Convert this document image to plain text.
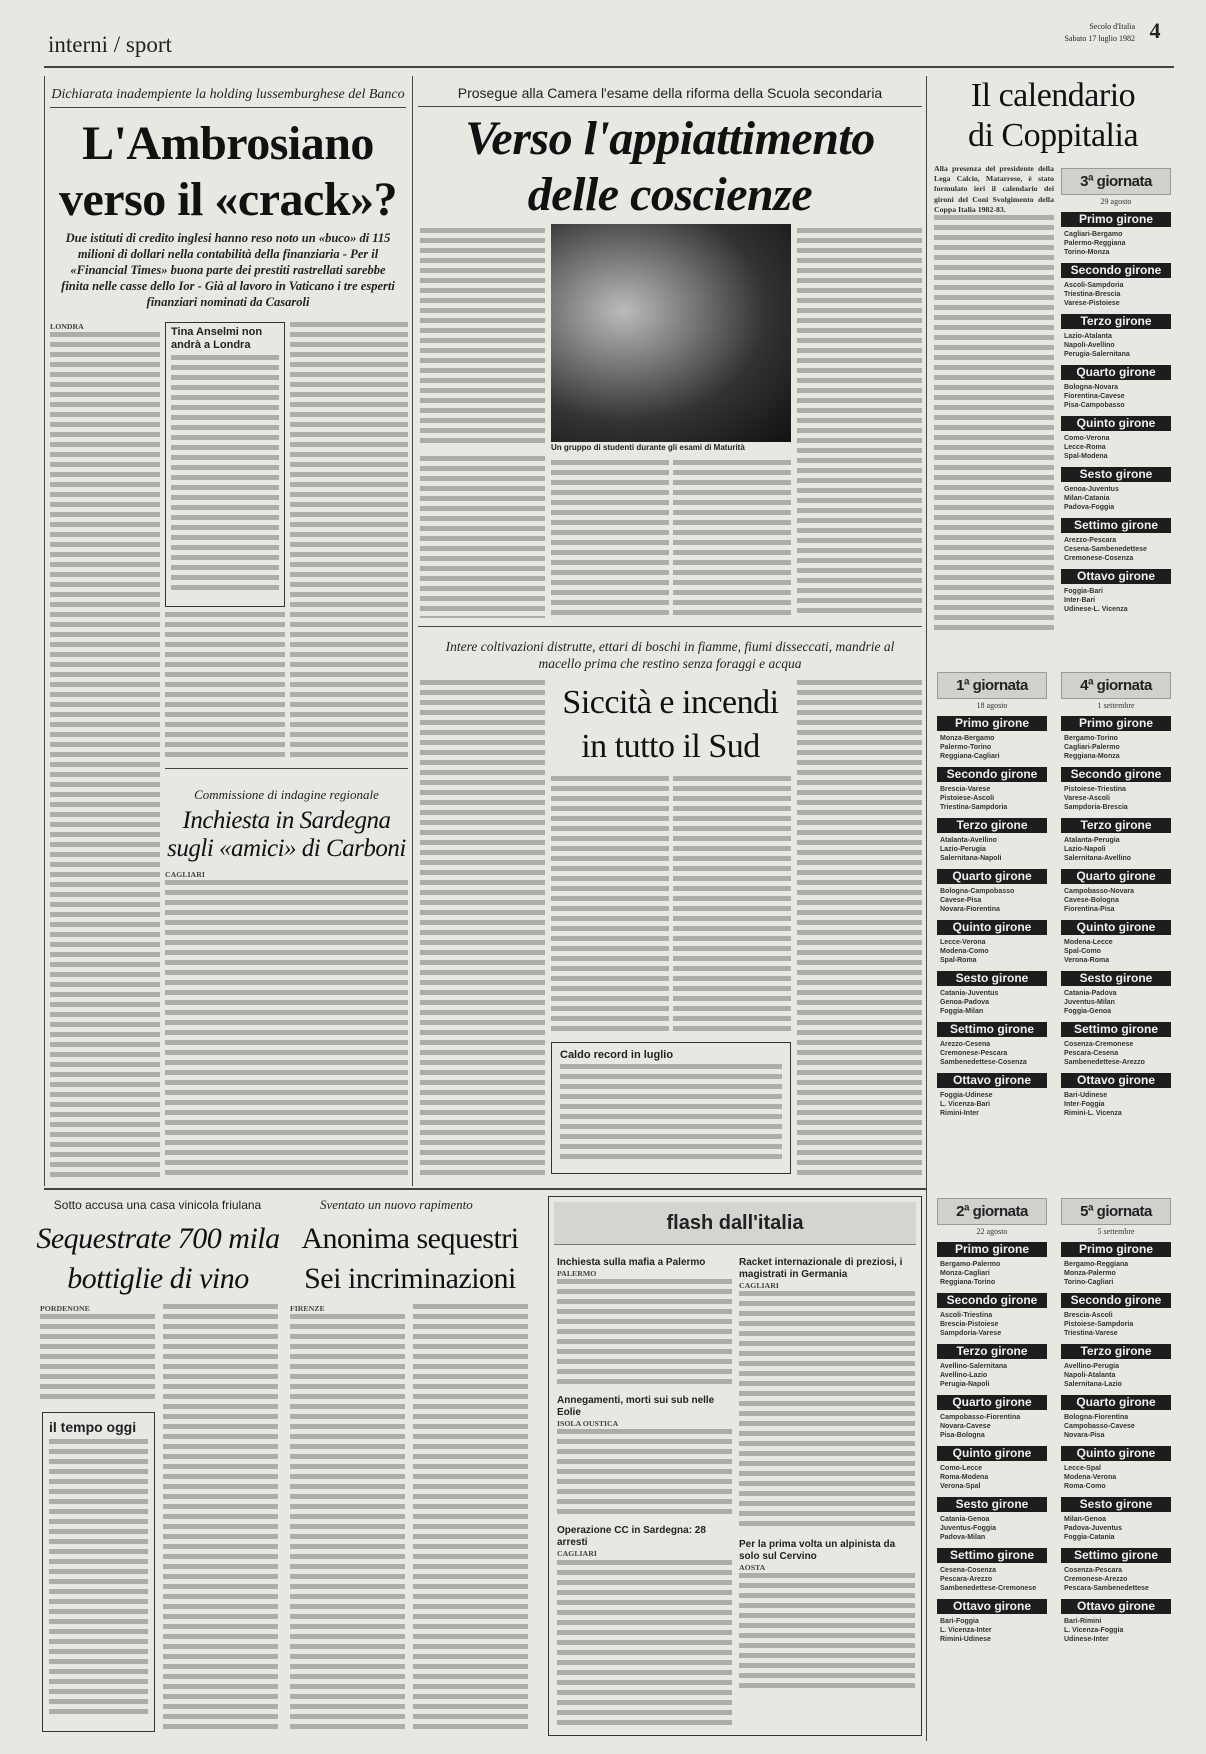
interni / sport
Secolo d'Italia
Sabato 17 luglio 1982 4
Dichiarata inadempiente la holding lussemburghese del Banco
L'Ambrosiano
verso il «crack»?
Due istituti di credito inglesi hanno reso noto un «buco» di 115 milioni di dollari nella contabilità della finanziaria - Per il «Financial Times» buona parte dei prestiti rastrellati sarebbe finita nelle casse dello Ior - Già al lavoro in Vaticano i tre esperti finanziari nominati da Casaroli
LONDRA	Tina Anselmi non andrà a Londra
Commissione di indagine regionale
Inchiesta in Sardegna
sugli «amici» di Carboni
CAGLIARI
Prosegue alla Camera l'esame della riforma della Scuola secondaria
Verso l'appiattimento
delle coscienze
Un gruppo di studenti durante gli esami di Maturità
Intere coltivazioni distrutte, ettari di boschi in fiamme, fiumi disseccati, mandrie al macello prima che restino senza foraggi e acqua
Siccità e incendi
in tutto il Sud
Caldo record in luglio
Sotto accusa una casa vinicola friulana
Sequestrate 700 mila
bottiglie di vino
PORDENONE
il tempo oggi
Sventato un nuovo rapimento
Anonima sequestri
Sei incriminazioni
FIRENZE
flash dall'italia
Inchiesta sulla mafia a Palermo
PALERMO
Annegamenti, morti sui sub nelle Eolie
ISOLA OUSTICA
Operazione CC in Sardegna: 28 arresti
CAGLIARI
Racket internazionale di preziosi, i magistrati in Germania
CAGLIARI
Per la prima volta un alpinista da solo sul Cervino
AOSTA
Il calendario
di Coppitalia
Alla presenza del presidente della Lega Calcio, Matarrese, è stato formulato ieri il calendario dei gironi del Coni Svolgimento della Coppa Italia 1982-83.
3ª giornata
29 agosto
Primo girone
Cagliari-Bergamo
Palermo-Reggiana
Torino-Monza
Secondo girone
Ascoli-Sampdoria
Triestina-Brescia
Varese-Pistoiese
Terzo girone
Lazio-Atalanta
Napoli-Avellino
Perugia-Salernitana
Quarto girone
Bologna-Novara
Fiorentina-Cavese
Pisa-Campobasso
Quinto girone
Como-Verona
Lecce-Roma
Spal-Modena
Sesto girone
Genoa-Juventus
Milan-Catania
Padova-Foggia
Settimo girone
Arezzo-Pescara
Cesena-Sambenedettese
Cremonese-Cosenza
Ottavo girone
Foggia-Bari
Inter-Bari
Udinese-L. Vicenza
1ª giornata
18 agosto
Primo girone
Monza-Bergamo
Palermo-Torino
Reggiana-Cagliari
Secondo girone
Brescia-Varese
Pistoiese-Ascoli
Triestina-Sampdoria
Terzo girone
Atalanta-Avellino
Lazio-Perugia
Salernitana-Napoli
Quarto girone
Bologna-Campobasso
Cavese-Pisa
Novara-Fiorentina
Quinto girone
Lecce-Verona
Modena-Como
Spal-Roma
Sesto girone
Catania-Juventus
Genoa-Padova
Foggia-Milan
Settimo girone
Arezzo-Cesena
Cremonese-Pescara
Sambenedettese-Cosenza
Ottavo girone
Foggia-Udinese
L. Vicenza-Bari
Rimini-Inter
4ª giornata
1 settembre
Primo girone
Bergamo-Torino
Cagliari-Palermo
Reggiana-Monza
Secondo girone
Pistoiese-Triestina
Varese-Ascoli
Sampdoria-Brescia
Terzo girone
Atalanta-Perugia
Lazio-Napoli
Salernitana-Avellino
Quarto girone
Campobasso-Novara
Cavese-Bologna
Fiorentina-Pisa
Quinto girone
Modena-Lecce
Spal-Como
Verona-Roma
Sesto girone
Catania-Padova
Juventus-Milan
Foggia-Genoa
Settimo girone
Cosenza-Cremonese
Pescara-Cesena
Sambenedettese-Arezzo
Ottavo girone
Bari-Udinese
Inter-Foggia
Rimini-L. Vicenza
2ª giornata
22 agosto
Primo girone
Bergamo-Palermo
Monza-Cagliari
Reggiana-Torino
Secondo girone
Ascoli-Triestina
Brescia-Pistoiese
Sampdoria-Varese
Terzo girone
Avellino-Salernitana
Avellino-Lazio
Perugia-Napoli
Quarto girone
Campobasso-Fiorentina
Novara-Cavese
Pisa-Bologna
Quinto girone
Como-Lecce
Roma-Modena
Verona-Spal
Sesto girone
Catania-Genoa
Juventus-Foggia
Padova-Milan
Settimo girone
Cesena-Cosenza
Pescara-Arezzo
Sambenedettese-Cremonese
Ottavo girone
Bari-Foggia
L. Vicenza-Inter
Rimini-Udinese
5ª giornata
5 settembre
Primo girone
Bergamo-Reggiana
Monza-Palermo
Torino-Cagliari
Secondo girone
Brescia-Ascoli
Pistoiese-Sampdoria
Triestina-Varese
Terzo girone
Avellino-Perugia
Napoli-Atalanta
Salernitana-Lazio
Quarto girone
Bologna-Fiorentina
Campobasso-Cavese
Novara-Pisa
Quinto girone
Lecce-Spal
Modena-Verona
Roma-Como
Sesto girone
Milan-Genoa
Padova-Juventus
Foggia-Catania
Settimo girone
Cosenza-Pescara
Cremonese-Arezzo
Pescara-Sambenedettese
Ottavo girone
Bari-Rimini
L. Vicenza-Foggia
Udinese-Inter
